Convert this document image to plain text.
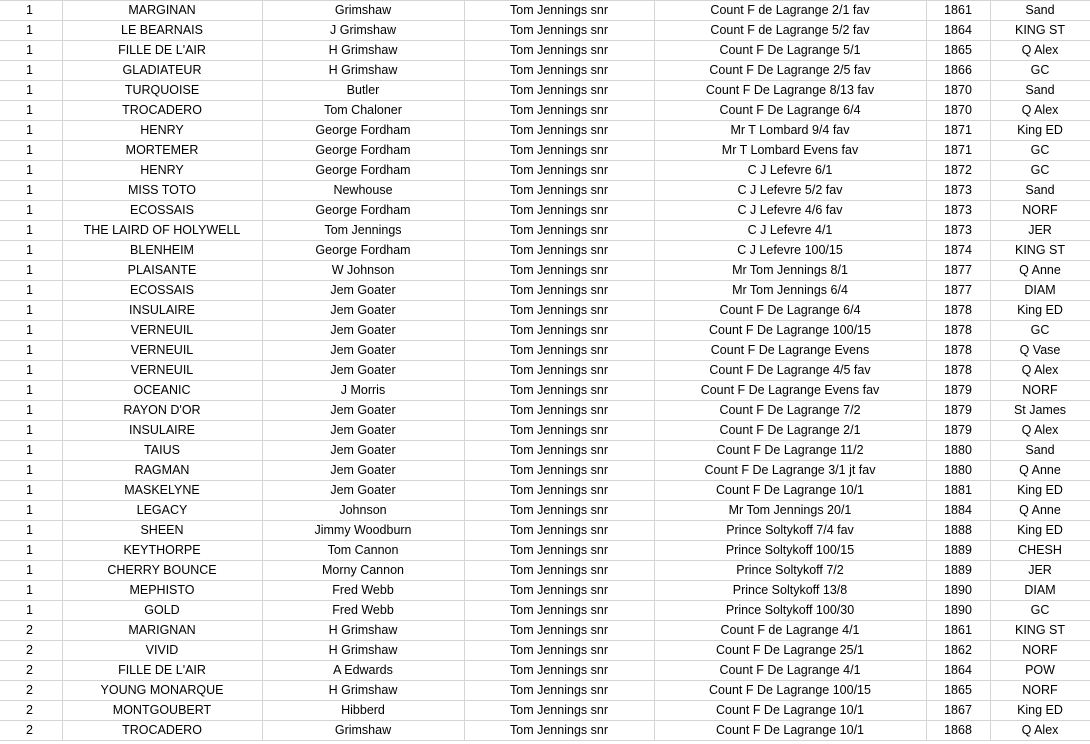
1	MARGINAN	Grimshaw	Tom Jennings snr	Count F de Lagrange 2/1 fav	1861	Sand
1	LE BEARNAIS	J Grimshaw	Tom Jennings snr	Count F de Lagrange 5/2 fav	1864	KING ST
1	FILLE DE L'AIR	H Grimshaw	Tom Jennings snr	Count F De Lagrange 5/1	1865	Q Alex
1	GLADIATEUR	H Grimshaw	Tom Jennings snr	Count F De Lagrange 2/5 fav	1866	GC
1	TURQUOISE	Butler	Tom Jennings snr	Count F De Lagrange 8/13 fav	1870	Sand
1	TROCADERO	Tom Chaloner	Tom Jennings snr	Count F De Lagrange 6/4	1870	Q Alex
1	HENRY	George Fordham	Tom Jennings snr	Mr T Lombard 9/4 fav	1871	King ED
1	MORTEMER	George Fordham	Tom Jennings snr	Mr T Lombard Evens fav	1871	GC
1	HENRY	George Fordham	Tom Jennings snr	C J Lefevre 6/1	1872	GC
1	MISS TOTO	Newhouse	Tom Jennings snr	C J Lefevre 5/2 fav	1873	Sand
1	ECOSSAIS	George Fordham	Tom Jennings snr	C J Lefevre 4/6 fav	1873	NORF
1	THE LAIRD OF HOLYWELL	Tom Jennings	Tom Jennings snr	C J Lefevre 4/1	1873	JER
1	BLENHEIM	George Fordham	Tom Jennings snr	C J Lefevre 100/15	1874	KING ST
1	PLAISANTE	W Johnson	Tom Jennings snr	Mr Tom Jennings 8/1	1877	Q Anne
1	ECOSSAIS	Jem Goater	Tom Jennings snr	Mr Tom Jennings 6/4	1877	DIAM
1	INSULAIRE	Jem Goater	Tom Jennings snr	Count F De Lagrange 6/4	1878	King ED
1	VERNEUIL	Jem Goater	Tom Jennings snr	Count F De Lagrange 100/15	1878	GC
1	VERNEUIL	Jem Goater	Tom Jennings snr	Count F De Lagrange Evens	1878	Q Vase
1	VERNEUIL	Jem Goater	Tom Jennings snr	Count F De Lagrange 4/5 fav	1878	Q Alex
1	OCEANIC	J Morris	Tom Jennings snr	Count F De Lagrange Evens fav	1879	NORF
1	RAYON D'OR	Jem Goater	Tom Jennings snr	Count F De Lagrange 7/2	1879	St James
1	INSULAIRE	Jem Goater	Tom Jennings snr	Count F De Lagrange 2/1	1879	Q Alex
1	TAIUS	Jem Goater	Tom Jennings snr	Count F De Lagrange 11/2	1880	Sand
1	RAGMAN	Jem Goater	Tom Jennings snr	Count F De Lagrange 3/1 jt fav	1880	Q Anne
1	MASKELYNE	Jem Goater	Tom Jennings snr	Count F De Lagrange 10/1	1881	King ED
1	LEGACY	Johnson	Tom Jennings snr	Mr Tom Jennings 20/1	1884	Q Anne
1	SHEEN	Jimmy Woodburn	Tom Jennings snr	Prince Soltykoff 7/4 fav	1888	King ED
1	KEYTHORPE	Tom Cannon	Tom Jennings snr	Prince Soltykoff 100/15	1889	CHESH
1	CHERRY BOUNCE	Morny Cannon	Tom Jennings snr	Prince Soltykoff 7/2	1889	JER
1	MEPHISTO	Fred Webb	Tom Jennings snr	Prince Soltykoff 13/8	1890	DIAM
1	GOLD	Fred Webb	Tom Jennings snr	Prince Soltykoff 100/30	1890	GC
2	MARIGNAN	H Grimshaw	Tom Jennings snr	Count F de Lagrange 4/1	1861	KING ST
2	VIVID	H Grimshaw	Tom Jennings snr	Count F De Lagrange 25/1	1862	NORF
2	FILLE DE L'AIR	A Edwards	Tom Jennings snr	Count F De Lagrange 4/1	1864	POW
2	YOUNG MONARQUE	H Grimshaw	Tom Jennings snr	Count F De Lagrange 100/15	1865	NORF
2	MONTGOUBERT	Hibberd	Tom Jennings snr	Count F De Lagrange 10/1	1867	King ED
2	TROCADERO	Grimshaw	Tom Jennings snr	Count F De Lagrange 10/1	1868	Q Alex
